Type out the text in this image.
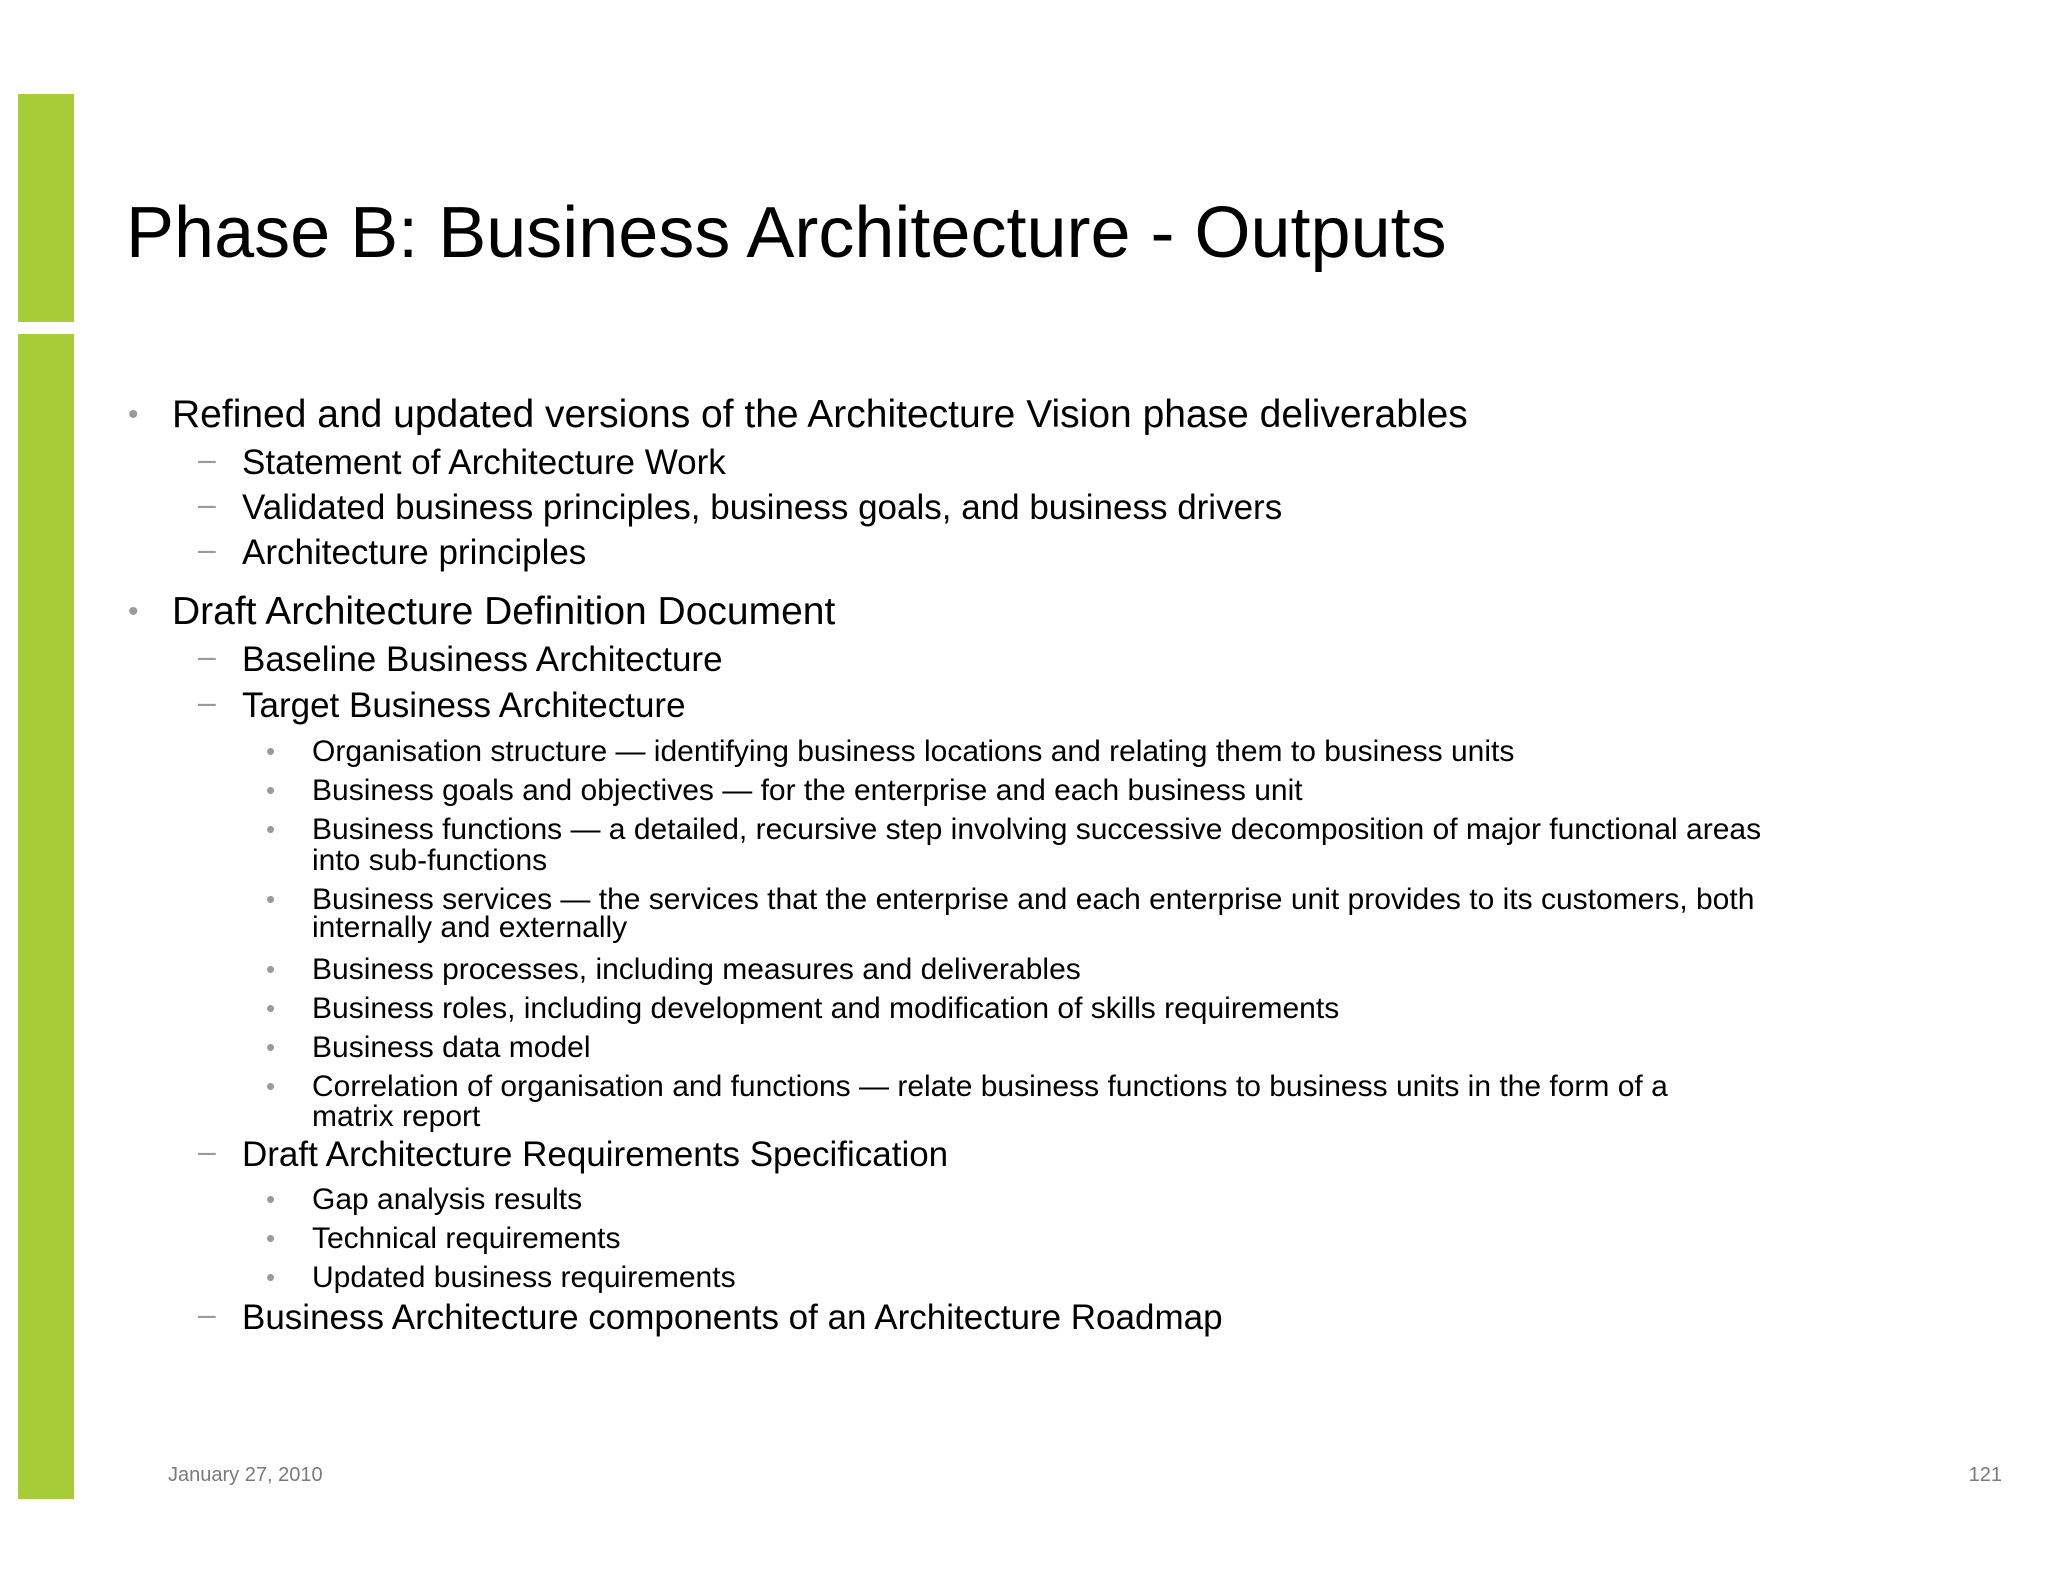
Phase B: Business Architecture - Outputs
• Refined and updated versions of the Architecture Vision phase deliverables
– Statement of Architecture Work
– Validated business principles, business goals, and business drivers
– Architecture principles
• Draft Architecture Definition Document
– Baseline Business Architecture
– Target Business Architecture
• Organisation structure — identifying business locations and relating them to business units
• Business goals and objectives — for the enterprise and each business unit
• Business functions — a detailed, recursive step involving successive decomposition of major functional areas
into sub-functions
• Business services — the services that the enterprise and each enterprise unit provides to its customers, both
internally and externally
• Business processes, including measures and deliverables
• Business roles, including development and modification of skills requirements
• Business data model
• Correlation of organisation and functions — relate business functions to business units in the form of a
matrix report
– Draft Architecture Requirements Specification
• Gap analysis results
• Technical requirements
• Updated business requirements
– Business Architecture components of an Architecture Roadmap
January 27, 2010	121
